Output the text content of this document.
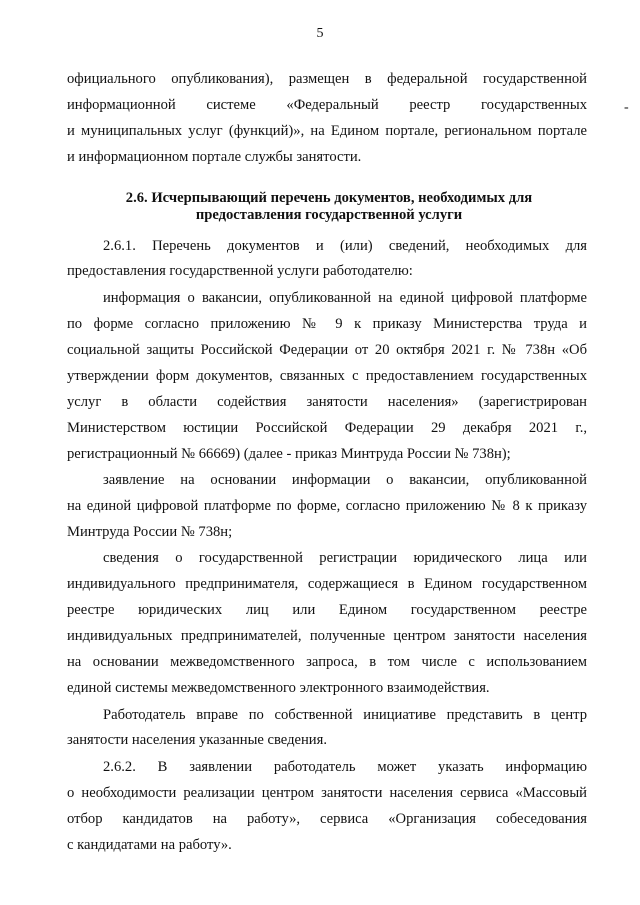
5
-
официального опубликования), размещен в федеральной государственной
информационной системе «Федеральный реестр государственных
и муниципальных услуг (функций)», на Едином портале, региональном портале
и информационном портале службы занятости.
2.6. Исчерпывающий перечень документов, необходимых для
предоставления государственной услуги
2.6.1. Перечень документов и (или) сведений, необходимых для
предоставления государственной услуги работодателю:
информация о вакансии, опубликованной на единой цифровой платформе
по форме согласно приложению № 9 к приказу Министерства труда и
социальной защиты Российской Федерации от 20 октября 2021 г. № 738н «Об
утверждении форм документов, связанных с предоставлением государственных
услуг в области содействия занятости населения» (зарегистрирован
Министерством юстиции Российской Федерации 29 декабря 2021 г.,
регистрационный № 66669) (далее - приказ Минтруда России № 738н);
заявление на основании информации о вакансии, опубликованной
на единой цифровой платформе по форме, согласно приложению № 8 к приказу
Минтруда России № 738н;
сведения о государственной регистрации юридического лица или
индивидуального предпринимателя, содержащиеся в Едином государственном
реестре юридических лиц или Едином государственном реестре
индивидуальных предпринимателей, полученные центром занятости населения
на основании межведомственного запроса, в том числе с использованием
единой системы межведомственного электронного взаимодействия.
Работодатель вправе по собственной инициативе представить в центр
занятости населения указанные сведения.
2.6.2. В заявлении работодатель может указать информацию
о необходимости реализации центром занятости населения сервиса «Массовый
отбор кандидатов на работу», сервиса «Организация собеседования
с кандидатами на работу».
